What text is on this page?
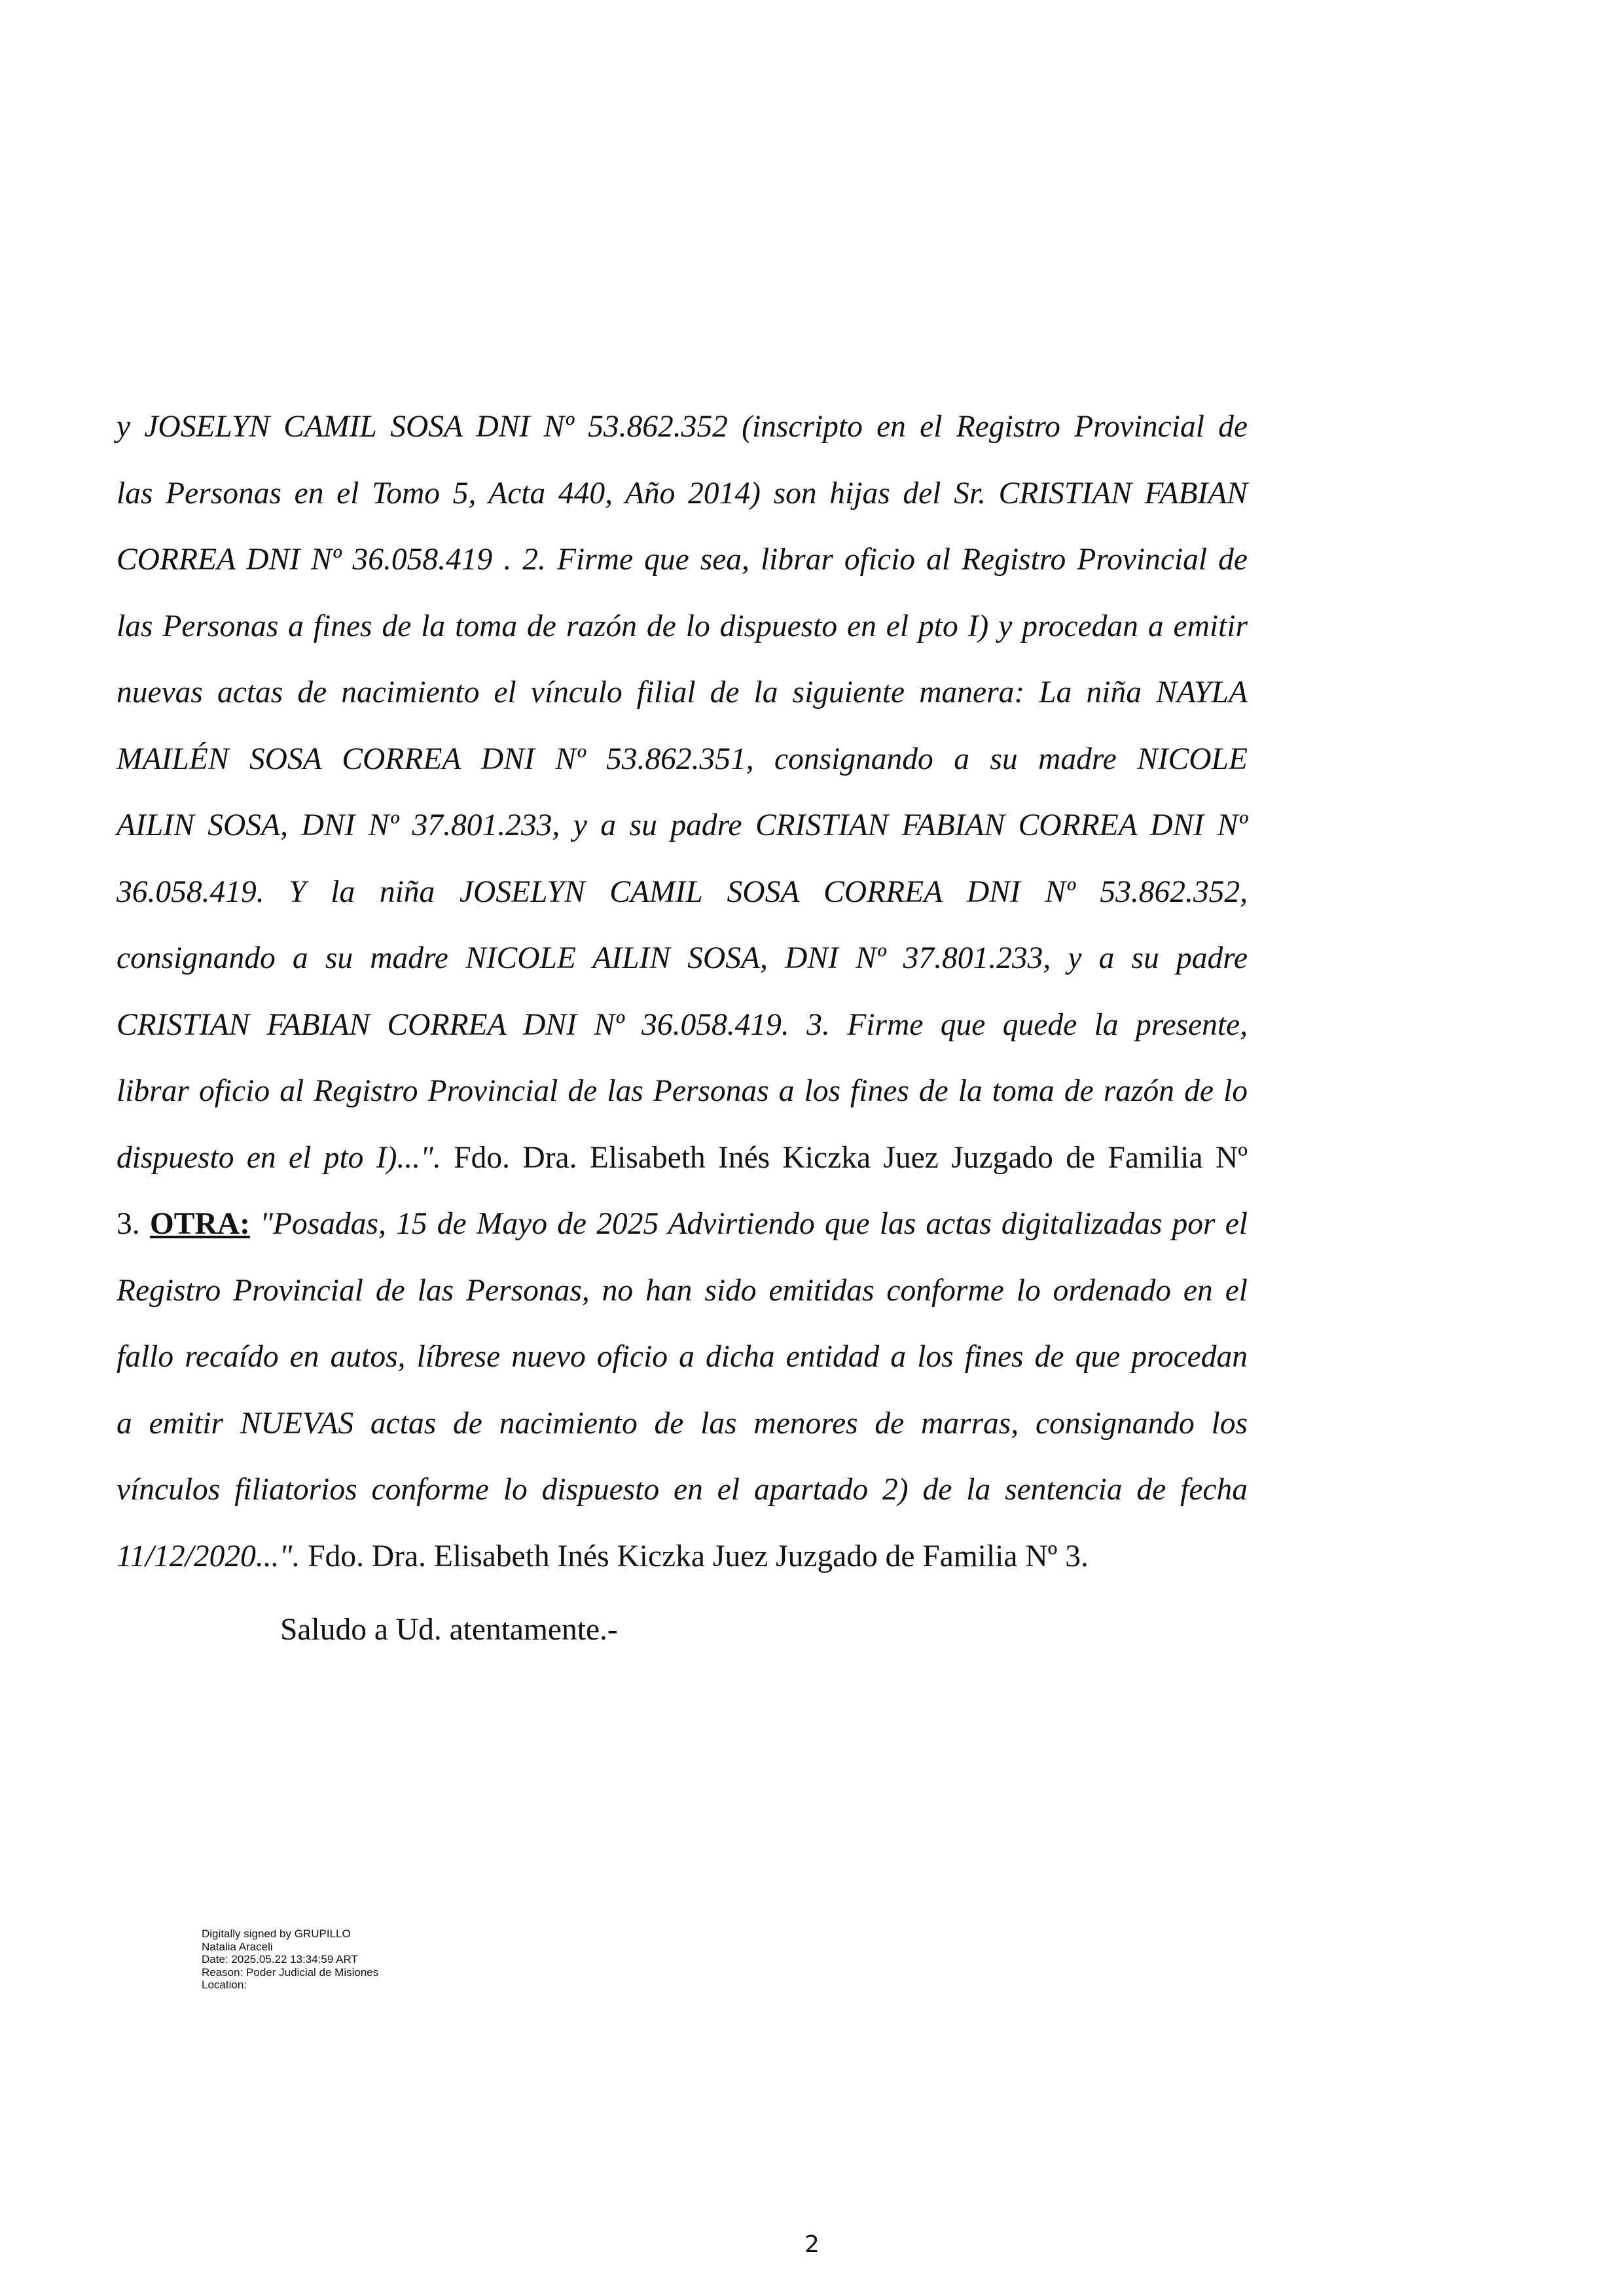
y JOSELYN CAMIL SOSA DNI Nº 53.862.352 (inscripto en el Registro Provincial de
las Personas en el Tomo 5, Acta 440, Año 2014) son hijas del Sr. CRISTIAN FABIAN
CORREA DNI Nº 36.058.419 . 2. Firme que sea, librar oficio al Registro Provincial de
las Personas a fines de la toma de razón de lo dispuesto en el pto I) y procedan a emitir
nuevas actas de nacimiento el vínculo filial de la siguiente manera: La niña NAYLA
MAILÉN SOSA CORREA DNI Nº 53.862.351, consignando a su madre NICOLE
AILIN SOSA, DNI Nº 37.801.233, y a su padre CRISTIAN FABIAN CORREA DNI Nº
36.058.419. Y la niña JOSELYN CAMIL SOSA CORREA DNI Nº 53.862.352,
consignando a su madre NICOLE AILIN SOSA, DNI Nº 37.801.233, y a su padre
CRISTIAN FABIAN CORREA DNI Nº 36.058.419. 3. Firme que quede la presente,
librar oficio al Registro Provincial de las Personas a los fines de la toma de razón de lo
dispuesto en el pto I)...". Fdo. Dra. Elisabeth Inés Kiczka Juez Juzgado de Familia Nº
3. OTRA: "Posadas, 15 de Mayo de 2025 Advirtiendo que las actas digitalizadas por el
Registro Provincial de las Personas, no han sido emitidas conforme lo ordenado en el
fallo recaído en autos, líbrese nuevo oficio a dicha entidad a los fines de que procedan
a emitir NUEVAS actas de nacimiento de las menores de marras, consignando los
vínculos filiatorios conforme lo dispuesto en el apartado 2) de la sentencia de fecha
11/12/2020...". Fdo. Dra. Elisabeth Inés Kiczka Juez Juzgado de Familia Nº 3.
Saludo a Ud. atentamente.-
Digitally signed by GRUPILLO
Natalia Araceli
Date: 2025.05.22 13:34:59 ART
Reason: Poder Judicial de Misiones
Location:
2
